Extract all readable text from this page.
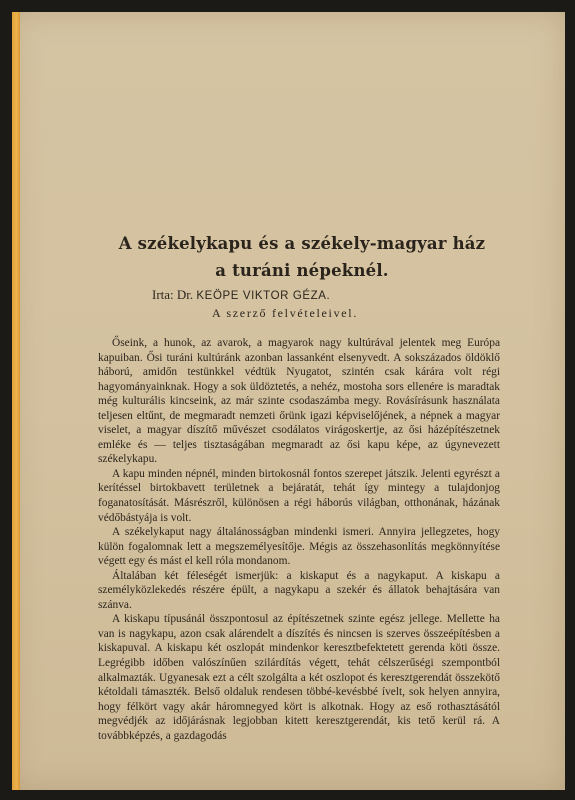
A székelykapu és a székely-magyar ház
a turáni népeknél.
Irta: Dr. KEÖPE VIKTOR GÉZA.
A szerző felvételeivel.

Őseink, a hunok, az avarok, a magyarok nagy kultúrával jelentek meg Európa kapuiban. Ősi turáni kultúránk azonban lassanként elsenyvedt. A sokszázados öldöklő háború, amidőn testünkkel védtük Nyugatot, szintén csak kárára volt régi hagyományainknak. Hogy a sok üldöztetés, a nehéz, mostoha sors ellenére is maradtak még kulturális kincseink, az már szinte csodaszámba megy. Rovásírásunk használata teljesen eltűnt, de megmaradt nemzeti őrünk igazi képviselőjének, a népnek a magyar viselet, a magyar díszítő művészet csodálatos virágoskertje, az ősi házépítészetnek emléke és — teljes tisztaságában megmaradt az ősi kapu képe, az úgynevezett székelykapu.

A kapu minden népnél, minden birtokosnál fontos szerepet játszik. Jelenti egyrészt a kerítéssel birtokbavett területnek a bejáratát, tehát így mintegy a tulajdonjog foganatosítását. Másrészről, különösen a régi háborús világban, otthonának, házának védőbástyája is volt.

A székelykaput nagy általánosságban mindenki ismeri. Annyira jellegzetes, hogy külön fogalomnak lett a megszemélyesítője. Mégis az összehasonlítás megkönnyítése végett egy és mást el kell róla mondanom.

Általában két féleségét ismerjük: a kiskaput és a nagykaput. A kiskapu a személyközlekedés részére épült, a nagykapu a szekér és állatok behajtására van szánva.

A kiskapu típusánál összpontosul az építészetnek szinte egész jellege. Mellette ha van is nagykapu, azon csak alárendelt a díszítés és nincsen is szerves összeépítésben a kiskapuval. A kiskapu két oszlopát mindenkor keresztbefektetett gerenda köti össze. Legrégibb időben valószínűen szilárdítás végett, tehát célszerűségi szempontból alkalmazták. Ugyanesak ezt a célt szolgálta a két oszlopot és keresztgerendát összekötő kétoldali támaszték. Belső oldaluk rendesen többé-kevésbbé ívelt, sok helyen annyira, hogy félkört vagy akár háromnegyed kört is alkotnak. Hogy az eső rothasztásától megvédjék az időjárásnak legjobban kitett keresztgerendát, kis tető kerül rá. A továbbképzés, a gazdagodás
